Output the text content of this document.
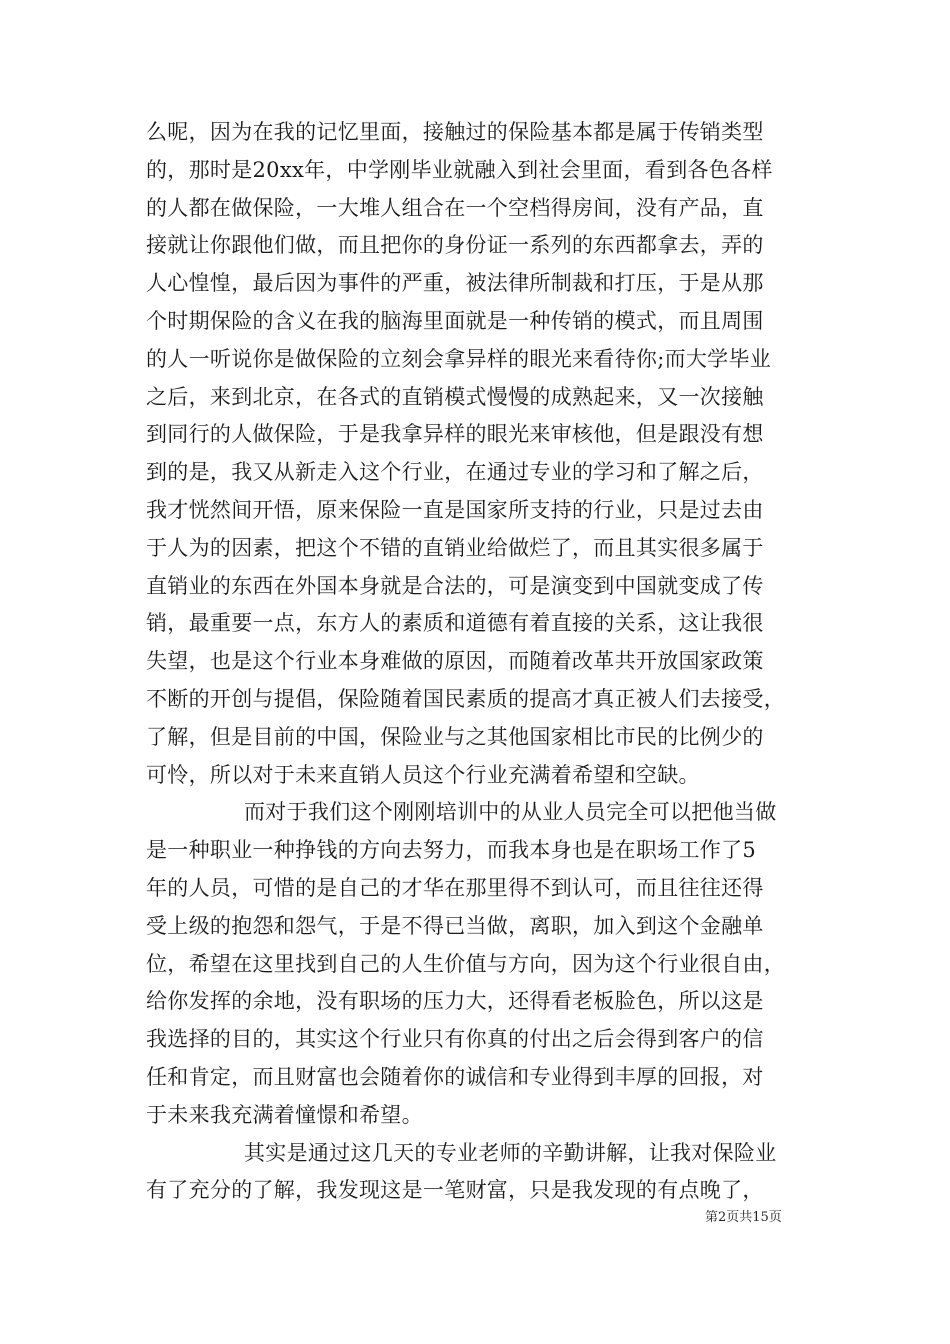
么呢，因为在我的记忆里面，接触过的保险基本都是属于传销类型
的，那时是20xx年，中学刚毕业就融入到社会里面，看到各色各样
的人都在做保险，一大堆人组合在一个空档得房间，没有产品，直
接就让你跟他们做，而且把你的身份证一系列的东西都拿去，弄的
人心惶惶，最后因为事件的严重，被法律所制裁和打压，于是从那
个时期保险的含义在我的脑海里面就是一种传销的模式，而且周围
的人一听说你是做保险的立刻会拿异样的眼光来看待你;而大学毕业
之后，来到北京，在各式的直销模式慢慢的成熟起来，又一次接触
到同行的人做保险，于是我拿异样的眼光来审核他，但是跟没有想
到的是，我又从新走入这个行业，在通过专业的学习和了解之后，
我才恍然间开悟，原来保险一直是国家所支持的行业，只是过去由
于人为的因素，把这个不错的直销业给做烂了，而且其实很多属于
直销业的东西在外国本身就是合法的，可是演变到中国就变成了传
销，最重要一点，东方人的素质和道德有着直接的关系，这让我很
失望，也是这个行业本身难做的原因，而随着改革共开放国家政策
不断的开创与提倡，保险随着国民素质的提高才真正被人们去接受，
了解，但是目前的中国，保险业与之其他国家相比市民的比例少的
可怜，所以对于未来直销人员这个行业充满着希望和空缺。
而对于我们这个刚刚培训中的从业人员完全可以把他当做
是一种职业一种挣钱的方向去努力，而我本身也是在职场工作了5
年的人员，可惜的是自己的才华在那里得不到认可，而且往往还得
受上级的抱怨和怨气，于是不得已当做，离职，加入到这个金融单
位，希望在这里找到自己的人生价值与方向，因为这个行业很自由，
给你发挥的余地，没有职场的压力大，还得看老板脸色，所以这是
我选择的目的，其实这个行业只有你真的付出之后会得到客户的信
任和肯定，而且财富也会随着你的诚信和专业得到丰厚的回报，对
于未来我充满着憧憬和希望。
其实是通过这几天的专业老师的辛勤讲解，让我对保险业
有了充分的了解，我发现这是一笔财富，只是我发现的有点晚了，
第2页共15页
